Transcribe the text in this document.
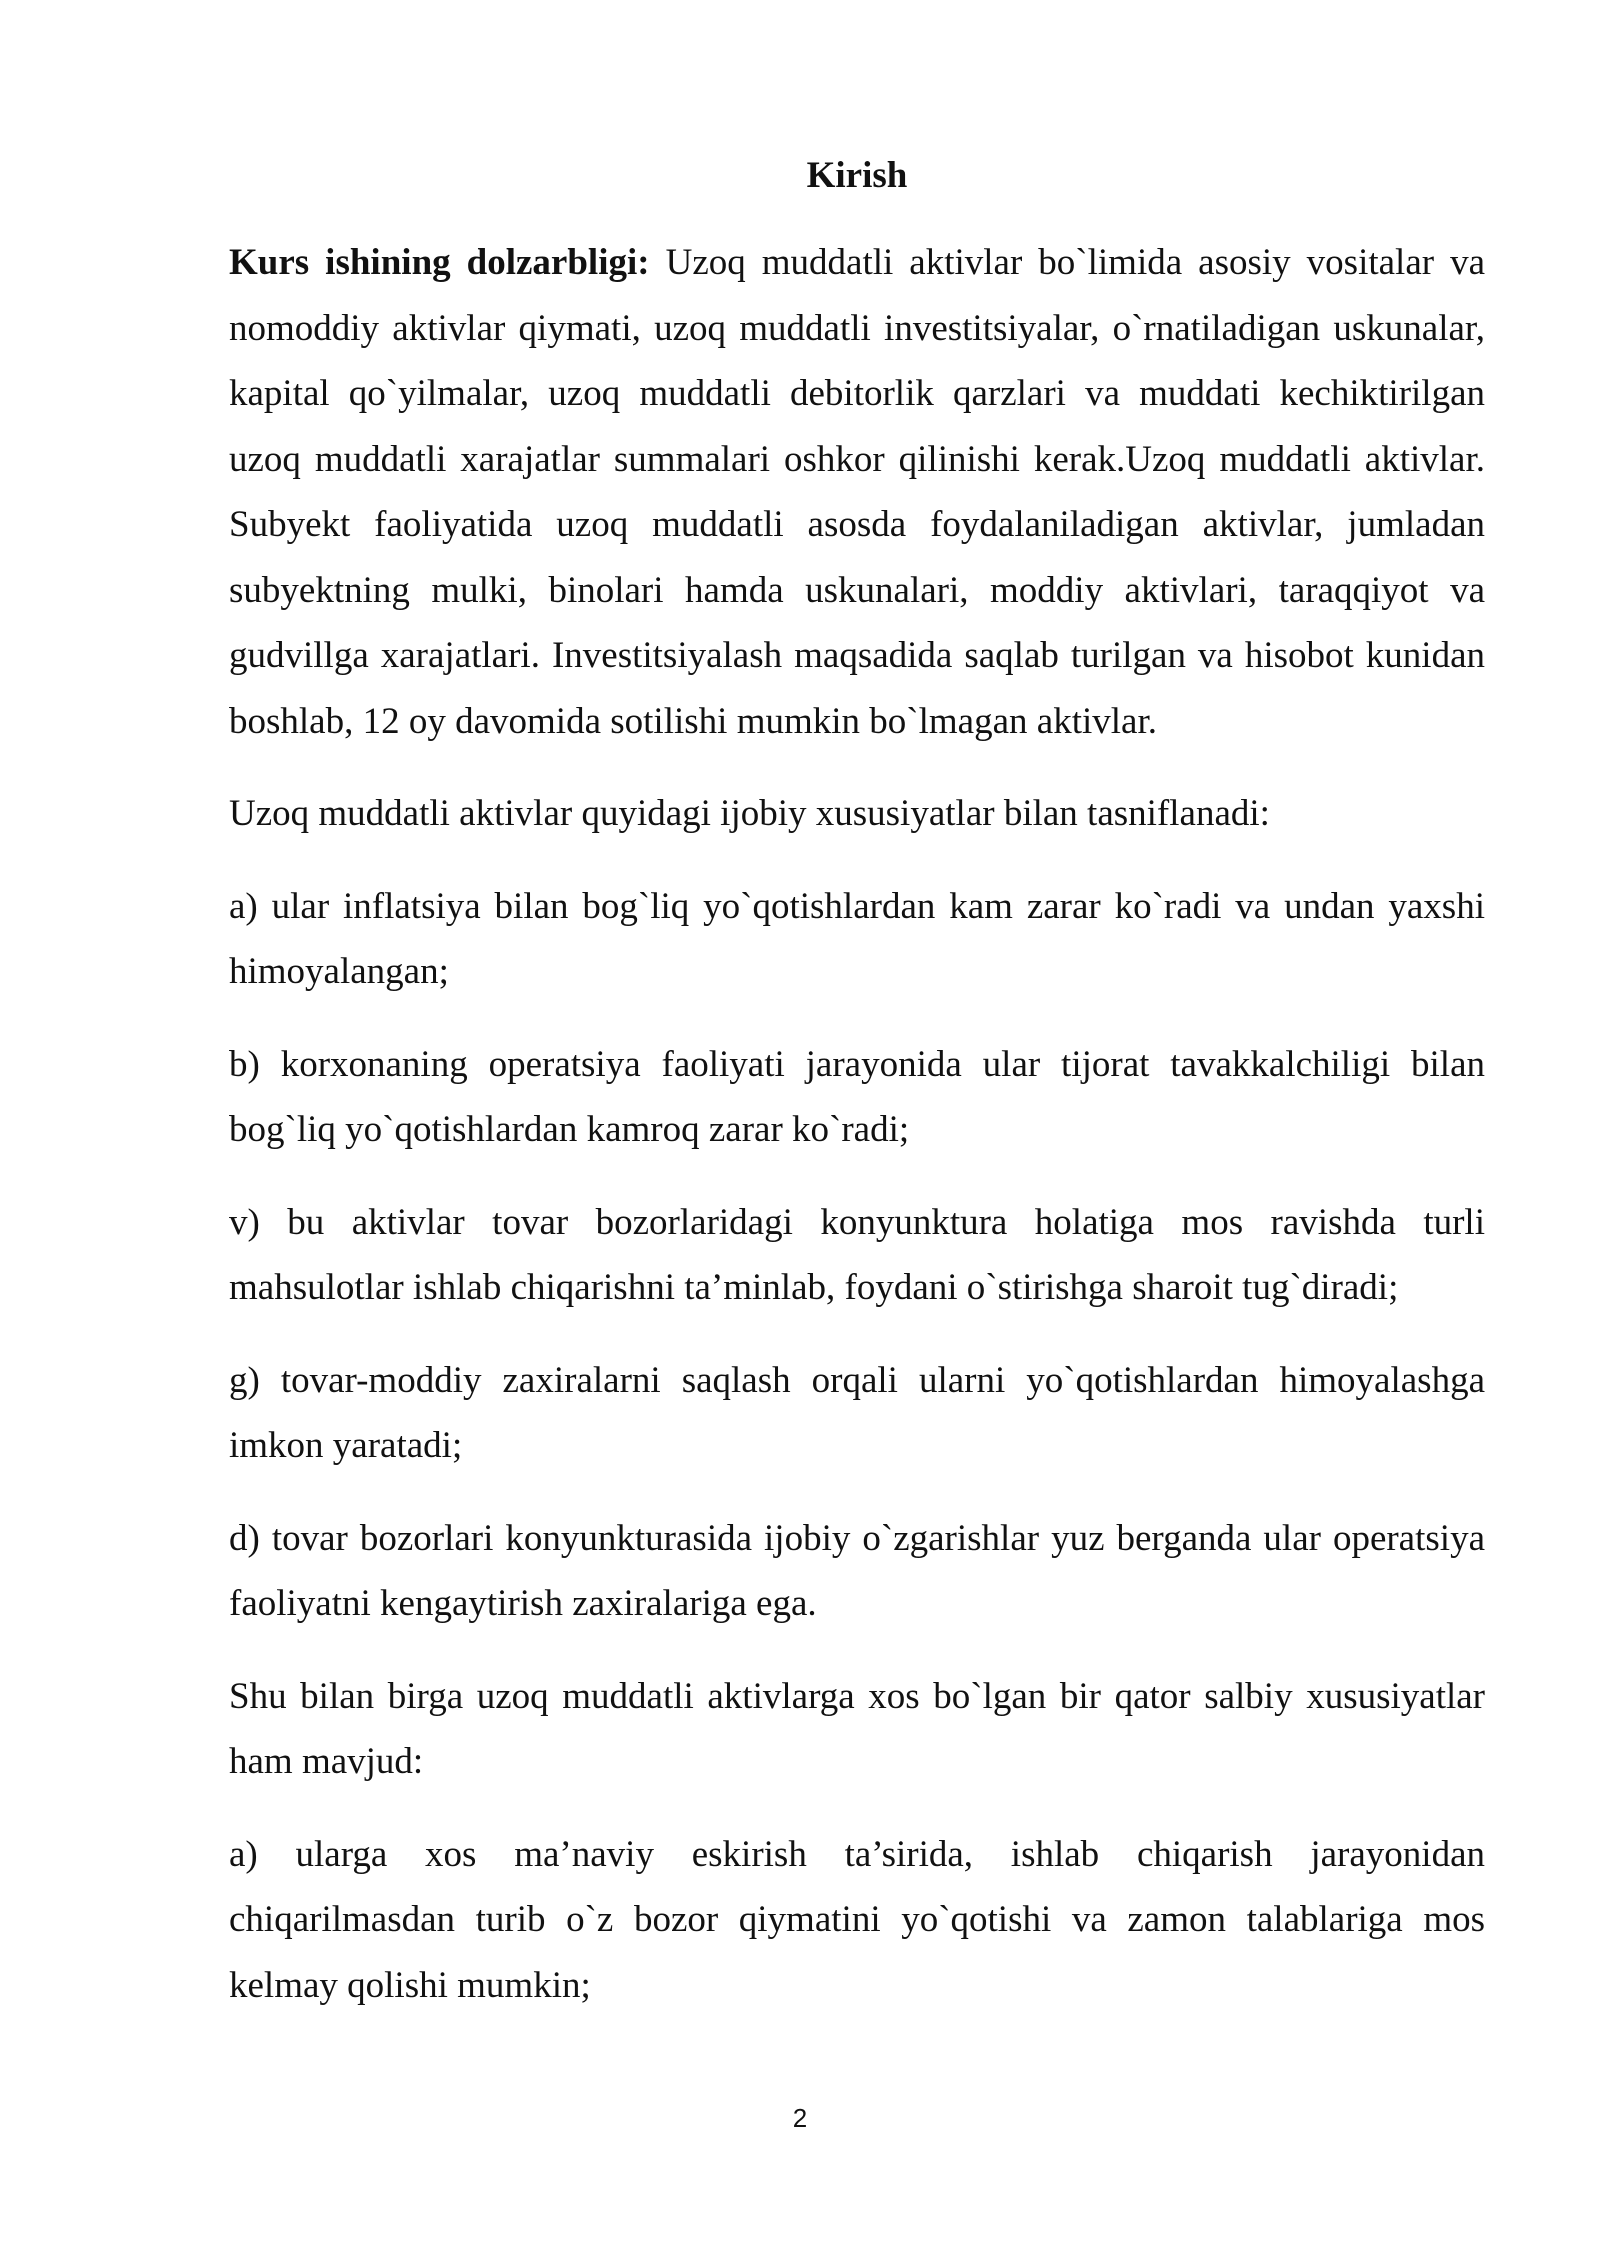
Kirish

Kurs ishining dolzarbligi: Uzoq muddatli aktivlar bo`limida asosiy vositalar va nomoddiy aktivlar qiymati, uzoq muddatli investitsiyalar, o`rnatiladigan uskunalar, kapital qo`yilmalar, uzoq muddatli debitorlik qarzlari va muddati kechiktirilgan uzoq muddatli xarajatlar summalari oshkor qilinishi kerak.Uzoq muddatli aktivlar. Subyekt faoliyatida uzoq muddatli asosda foydalaniladigan aktivlar, jumladan subyektning mulki, binolari hamda uskunalari, moddiy aktivlari, taraqqiyot va gudvillga xarajatlari. Investitsiyalash maqsadida saqlab turilgan va hisobot kunidan boshlab, 12 oy davomida sotilishi mumkin bo`lmagan aktivlar.

Uzoq muddatli aktivlar quyidagi ijobiy xususiyatlar bilan tasniflanadi:

a) ular inflatsiya bilan bog`liq yo`qotishlardan kam zarar ko`radi va undan yaxshi himoyalangan;

b) korxonaning operatsiya faoliyati jarayonida ular tijorat tavakkalchiligi bilan bog`liq yo`qotishlardan kamroq zarar ko`radi;

v) bu aktivlar tovar bozorlaridagi konyunktura holatiga mos ravishda turli mahsulotlar ishlab chiqarishni ta’minlab, foydani o`stirishga sharoit tug`diradi;

g) tovar-moddiy zaxiralarni saqlash orqali ularni yo`qotishlardan himoyalashga imkon yaratadi;

d) tovar bozorlari konyunkturasida ijobiy o`zgarishlar yuz berganda ular operatsiya faoliyatni kengaytirish zaxiralariga ega.

Shu bilan birga uzoq muddatli aktivlarga xos bo`lgan bir qator salbiy xususiyatlar ham mavjud:

a) ularga xos ma’naviy eskirish ta’sirida, ishlab chiqarish jarayonidan chiqarilmasdan turib o`z bozor qiymatini yo`qotishi va zamon talablariga mos kelmay qolishi mumkin;

2
